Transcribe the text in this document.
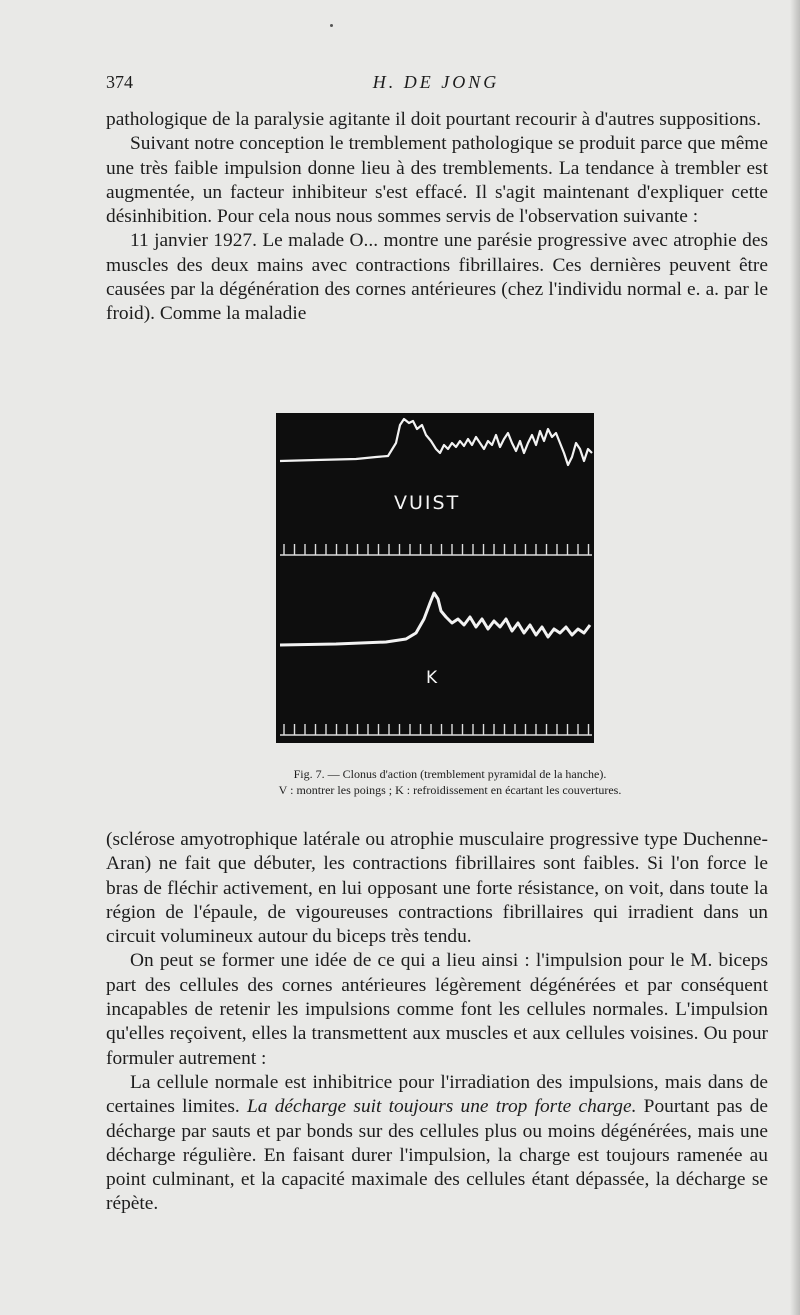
374	H. DE JONG

pathologique de la paralysie agitante il doit pourtant recourir à d'autres suppositions.

Suivant notre conception le tremblement pathologique se produit parce que même une très faible impulsion donne lieu à des tremblements. La tendance à trembler est augmentée, un facteur inhibiteur s'est effacé. Il s'agit maintenant d'expliquer cette désinhibition. Pour cela nous nous sommes servis de l'observation suivante :

11 janvier 1927. Le malade O... montre une parésie progressive avec atrophie des muscles des deux mains avec contractions fibrillaires. Ces dernières peuvent être causées par la dégénération des cornes antérieures (chez l'individu normal e. a. par le froid). Comme la maladie

VUIST
K
Fig. 7. — Clonus d'action (tremblement pyramidal de la hanche).
V : montrer les poings ; K : refroidissement en écartant les couvertures.

(sclérose amyotrophique latérale ou atrophie musculaire progressive type Duchenne-Aran) ne fait que débuter, les contractions fibrillaires sont faibles. Si l'on force le bras de fléchir activement, en lui opposant une forte résistance, on voit, dans toute la région de l'épaule, de vigoureuses contractions fibrillaires qui irradient dans un circuit volumineux autour du biceps très tendu.

On peut se former une idée de ce qui a lieu ainsi : l'impulsion pour le M. biceps part des cellules des cornes antérieures légèrement dégénérées et par conséquent incapables de retenir les impulsions comme font les cellules normales. L'impulsion qu'elles reçoivent, elles la transmettent aux muscles et aux cellules voisines. Ou pour formuler autrement :

La cellule normale est inhibitrice pour l'irradiation des impulsions, mais dans de certaines limites. La décharge suit toujours une trop forte charge. Pourtant pas de décharge par sauts et par bonds sur des cellules plus ou moins dégénérées, mais une décharge régulière. En faisant durer l'impulsion, la charge est toujours ramenée au point culminant, et la capacité maximale des cellules étant dépassée, la décharge se répète.
